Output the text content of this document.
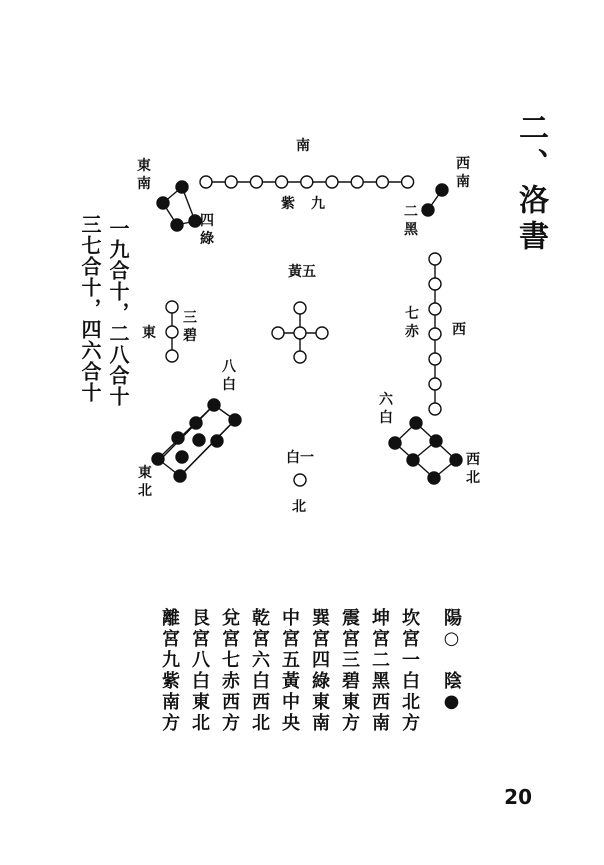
南
西
南
東
南
東	西
東
北
西
北
北
紫 九	二
黑
四
綠
黃五
三
碧
七
赤
八
白
六
白
白一
二、洛書
一九合十，二八合十
三七合十，四六合十
陽○　陰●
坎宮一白北方
坤宮二黑西南
震宮三碧東方
巽宮四綠東南
中宮五黃中央
乾宮六白西北
兌宮七赤西方
艮宮八白東北
離宮九紫南方
20
